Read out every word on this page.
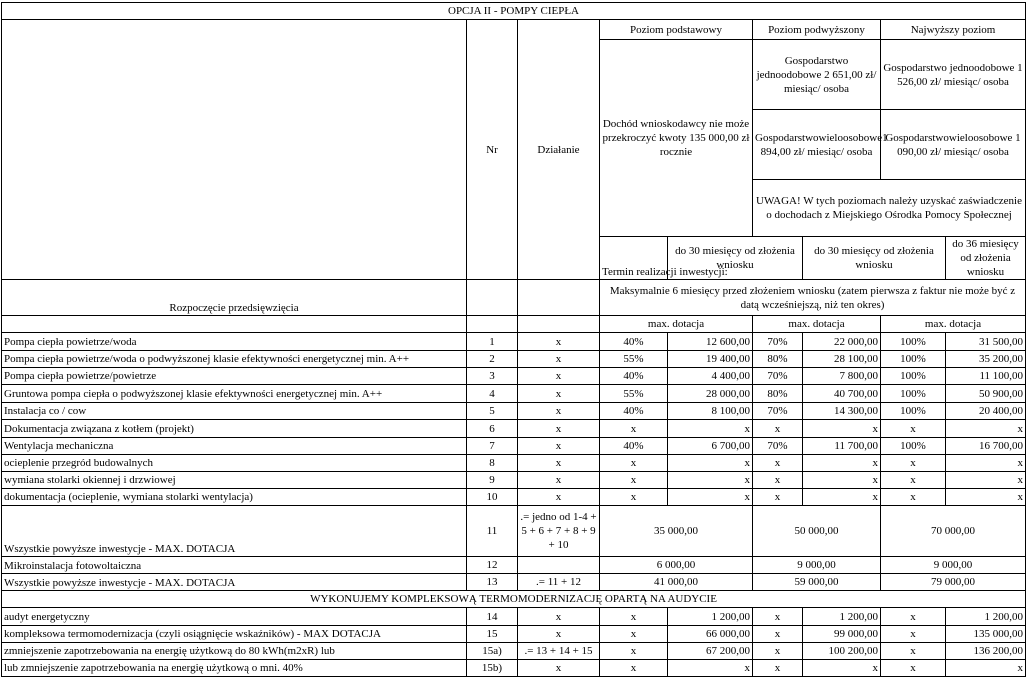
OPCJA II - POMPY CIEPŁA								
	Nr	Działanie	Poziom podstawowy		Poziom podwyższony		Najwyższy poziom	
			Dochód wnioskodawcy nie może przekroczyć kwoty 135 000,00 zł rocznie		Gospodarstwo jednoodobowe 2 651,00 zł/ miesiąc/ osoba		Gospodarstwo jednoodobowe 1 526,00 zł/ miesiąc/ osoba	
					Gospodarstwowieloosobowe1 894,00 zł/ miesiąc/ osoba		Gospodarstwowieloosobowe 1 090,00 zł/ miesiąc/ osoba	
					UWAGA! W tych poziomach należy uzyskać zaświadczenie o dochodach z Miejskiego Ośrodka Pomocy Społecznej			
			Termin realizacji inwestycji:	do 30 miesięcy od złożenia wniosku		do 30 miesięcy od złożenia wniosku		do 36 miesięcy od złożenia wniosku
Rozpoczęcie przedsięwzięcia			Maksymalnie 6 miesięcy przed złożeniem wniosku (zatem pierwsza z faktur nie może być z datą wcześniejszą, niż ten okres)					
			max. dotacja		max. dotacja		max. dotacja	
Pompa ciepła powietrze/woda	1	x	40%	12 600,00	70%	22 000,00	100%	31 500,00
Pompa ciepła powietrze/woda o podwyższonej klasie efektywności energetycznej min. A++	2	x	55%	19 400,00	80%	28 100,00	100%	35 200,00
Pompa ciepła powietrze/powietrze	3	x	40%	4 400,00	70%	7 800,00	100%	11 100,00
Gruntowa pompa ciepła o podwyższonej klasie efektywności energetycznej min. A++	4	x	55%	28 000,00	80%	40 700,00	100%	50 900,00
Instalacja co / cow	5	x	40%	8 100,00	70%	14 300,00	100%	20 400,00
Dokumentacja związana z kotłem (projekt)	6	x	x	x	x	x	x	x
Wentylacja mechaniczna	7	x	40%	6 700,00	70%	11 700,00	100%	16 700,00
ocieplenie przegród budowalnych	8	x	x	x	x	x	x	x
wymiana stolarki okiennej i drzwiowej	9	x	x	x	x	x	x	x
dokumentacja (ocieplenie, wymiana stolarki wentylacja)	10	x	x	x	x	x	x	x
Wszystkie powyższe inwestycje - MAX. DOTACJA	11	.= jedno od 1-4 + 5 + 6 + 7 + 8 + 9 + 10	35 000,00		50 000,00		70 000,00	
Mikroinstalacja fotowoltaiczna	12		6 000,00		9 000,00		9 000,00	
Wszystkie powyższe inwestycje - MAX. DOTACJA	13	.= 11 + 12	41 000,00		59 000,00		79 000,00	
WYKONUJEMY KOMPLEKSOWĄ TERMOMODERNIZACJĘ OPARTĄ NA AUDYCIE								
audyt energetyczny	14	x	x	1 200,00	x	1 200,00	x	1 200,00
kompleksowa termomodernizacja (czyli osiągnięcie wskaźników) - MAX DOTACJA	15	x	x	66 000,00	x	99 000,00	x	135 000,00
zmniejszenie zapotrzebowania na energię użytkową do 80 kWh(m2xR) lub	15a)	.= 13 + 14 + 15	x	67 200,00	x	100 200,00	x	136 200,00
lub zmniejszenie zapotrzebowania na energię użytkową o mni. 40%	15b)	x	x	x	x	x	x	x
